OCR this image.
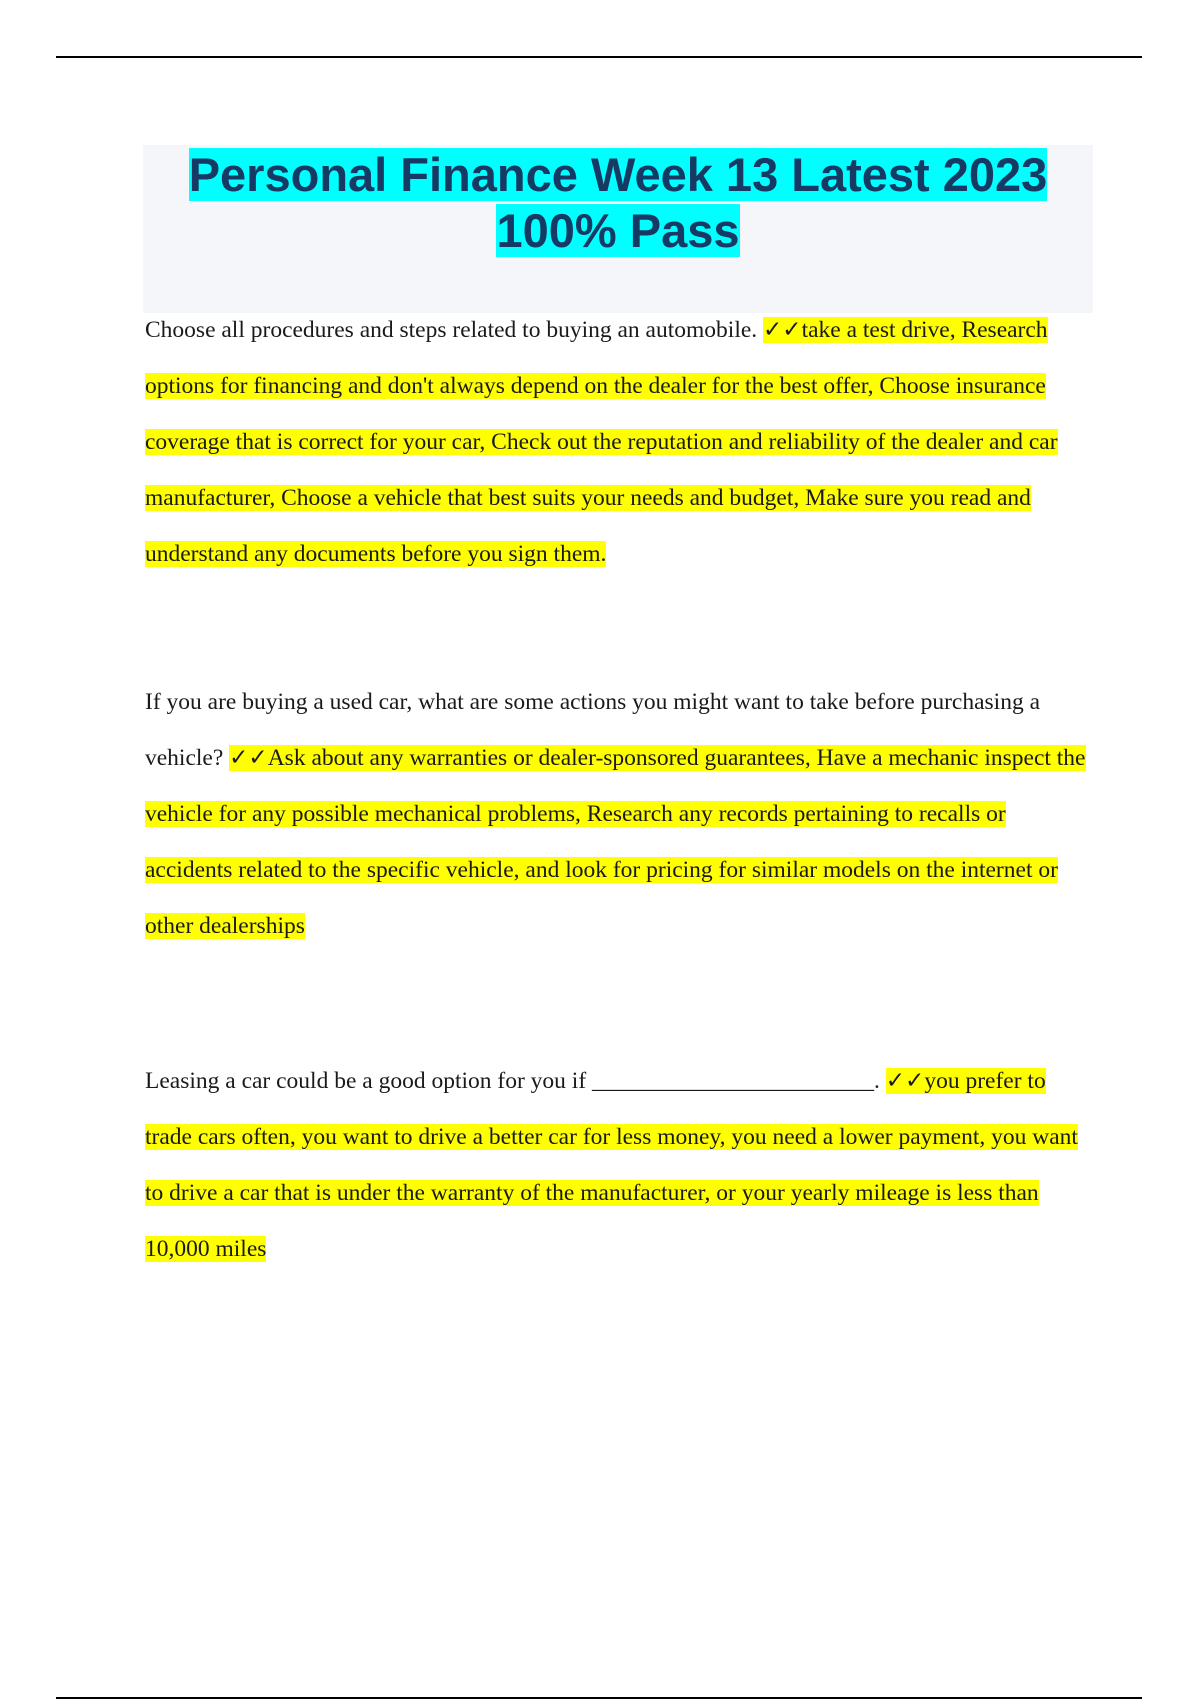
Personal Finance Week 13 Latest 2023 100% Pass

Choose all procedures and steps related to buying an automobile. ✓✓take a test drive, Research options for financing and don't always depend on the dealer for the best offer, Choose insurance coverage that is correct for your car, Check out the reputation and reliability of the dealer and car manufacturer, Choose a vehicle that best suits your needs and budget, Make sure you read and understand any documents before you sign them.

If you are buying a used car, what are some actions you might want to take before purchasing a vehicle? ✓✓Ask about any warranties or dealer-sponsored guarantees, Have a mechanic inspect the vehicle for any possible mechanical problems, Research any records pertaining to recalls or accidents related to the specific vehicle, and look for pricing for similar models on the internet or other dealerships

Leasing a car could be a good option for you if ________________________. ✓✓you prefer to trade cars often, you want to drive a better car for less money, you need a lower payment, you want to drive a car that is under the warranty of the manufacturer, or your yearly mileage is less than 10,000 miles
